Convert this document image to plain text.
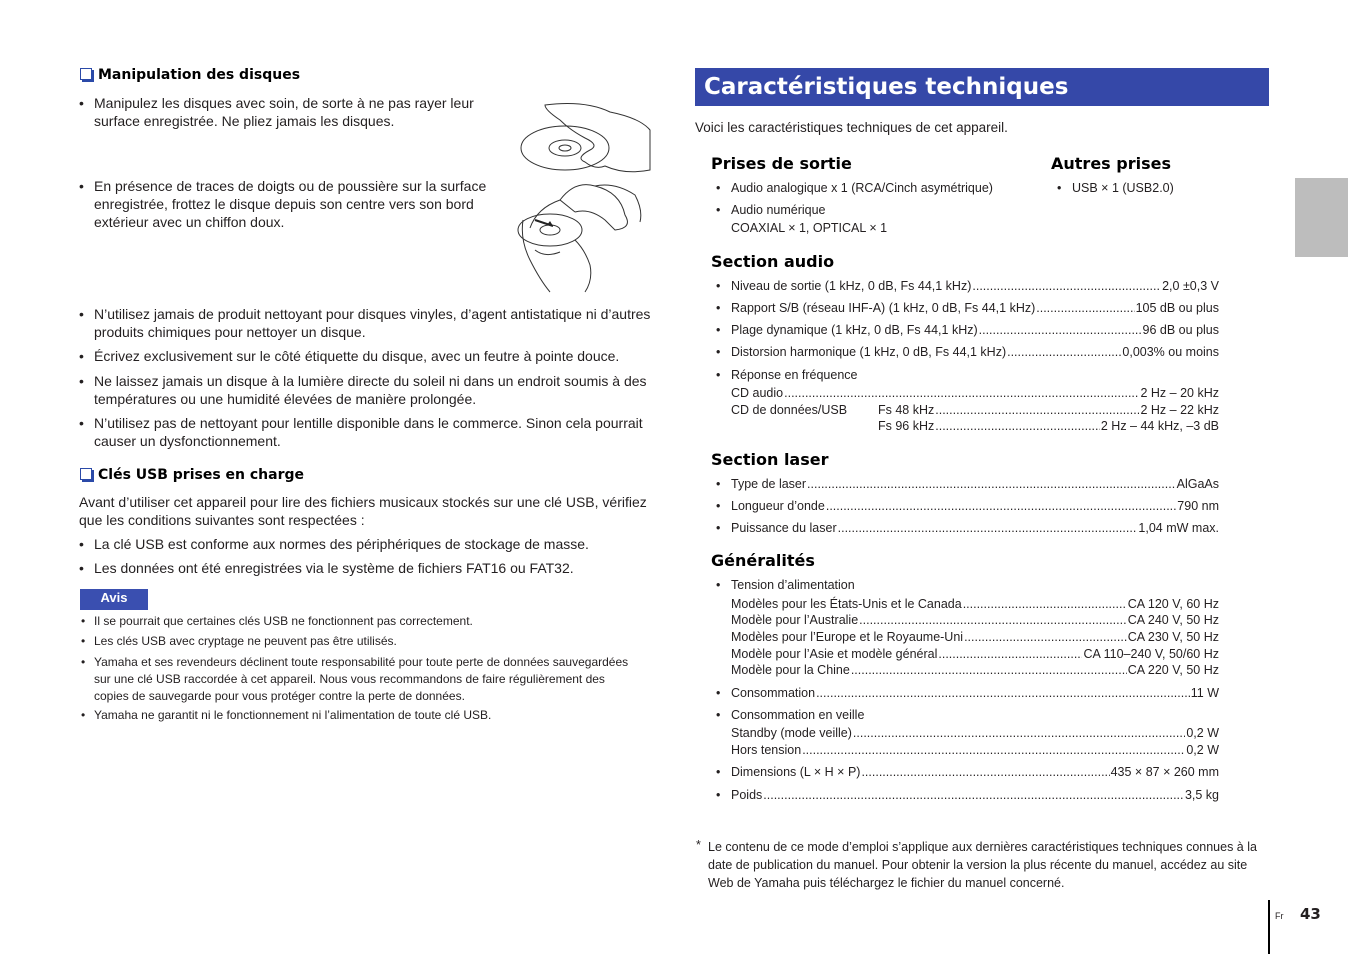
Manipulation des disques
• Manipulez les disques avec soin, de sorte à ne pas rayer leur surface enregistrée. Ne pliez jamais les disques.
• En présence de traces de doigts ou de poussière sur la surface enregistrée, frottez le disque depuis son centre vers son bord extérieur avec un chiffon doux.
• N’utilisez jamais de produit nettoyant pour disques vinyles, d’agent antistatique ni d’autres produits chimiques pour nettoyer un disque.
• Écrivez exclusivement sur le côté étiquette du disque, avec un feutre à pointe douce.
• Ne laissez jamais un disque à la lumière directe du soleil ni dans un endroit soumis à des températures ou une humidité élevées de manière prolongée.
• N’utilisez pas de nettoyant pour lentille disponible dans le commerce. Sinon cela pourrait causer un dysfonctionnement.
Clés USB prises en charge
Avant d’utiliser cet appareil pour lire des fichiers musicaux stockés sur une clé USB, vérifiez que les conditions suivantes sont respectées :
• La clé USB est conforme aux normes des périphériques de stockage de masse.
• Les données ont été enregistrées via le système de fichiers FAT16 ou FAT32.
Avis
• Il se pourrait que certaines clés USB ne fonctionnent pas correctement.
• Les clés USB avec cryptage ne peuvent pas être utilisés.
• Yamaha et ses revendeurs déclinent toute responsabilité pour toute perte de données sauvegardées sur une clé USB raccordée à cet appareil. Nous vous recommandons de faire régulièrement des copies de sauvegarde pour vous protéger contre la perte de données.
• Yamaha ne garantit ni le fonctionnement ni l’alimentation de toute clé USB.
Caractéristiques techniques
Voici les caractéristiques techniques de cet appareil.
Prises de sortie
• Audio analogique x 1 (RCA/Cinch asymétrique)
• Audio numérique
COAXIAL × 1, OPTICAL × 1
Autres prises
• USB × 1 (USB2.0)
Section audio
• Niveau de sortie (1 kHz, 0 dB, Fs 44,1 kHz) .....	2,0 ±0,3 V
• Rapport S/B (réseau IHF-A) (1 kHz, 0 dB, Fs 44,1 kHz) .....	105 dB ou plus
• Plage dynamique (1 kHz, 0 dB, Fs 44,1 kHz) .....	96 dB ou plus
• Distorsion harmonique (1 kHz, 0 dB, Fs 44,1 kHz) .....	0,003% ou moins
• Réponse en fréquence
CD audio .....	2 Hz – 20 kHz
CD de données/USB Fs 48 kHz .....	2 Hz – 22 kHz
Fs 96 kHz .....	2 Hz – 44 kHz, –3 dB
Section laser
• Type de laser .....	AlGaAs
• Longueur d’onde .....	790 nm
• Puissance du laser .....	1,04 mW max.
Généralités
• Tension d’alimentation
Modèles pour les États-Unis et le Canada .....	CA 120 V, 60 Hz
Modèle pour l’Australie .....	CA 240 V, 50 Hz
Modèles pour l’Europe et le Royaume-Uni .....	CA 230 V, 50 Hz
Modèle pour l’Asie et modèle général .....	CA 110–240 V, 50/60 Hz
Modèle pour la Chine .....	CA 220 V, 50 Hz
• Consommation .....	11 W
• Consommation en veille
Standby (mode veille) .....	0,2 W
Hors tension .....	0,2 W
• Dimensions (L × H × P) .....	435 × 87 × 260 mm
• Poids .....	3,5 kg
* Le contenu de ce mode d’emploi s’applique aux dernières caractéristiques techniques connues à la date de publication du manuel. Pour obtenir la version la plus récente du manuel, accédez au site Web de Yamaha puis téléchargez le fichier du manuel concerné.
Fr 43
